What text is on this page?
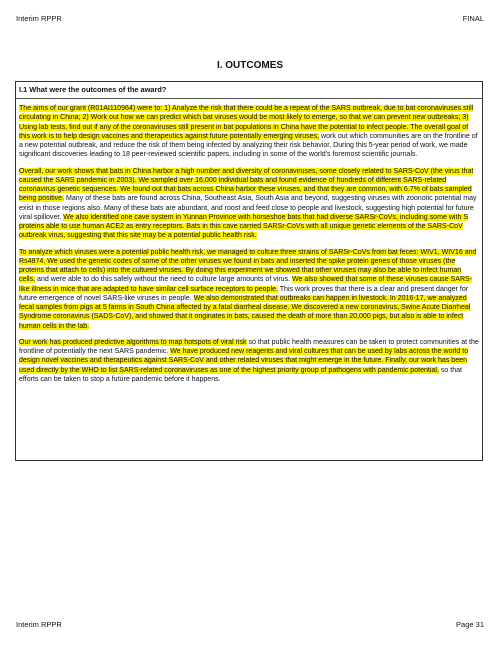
Interim RPPR	FINAL
I. OUTCOMES
I.1 What were the outcomes of the award?

The aims of our grant (R01AI110964) were to: 1) Analyze the risk that there could be a repeat of the SARS outbreak, due to bat coronaviruses still circulating in China; 2) Work out how we can predict which bat viruses would be most likely to emerge, so that we can prevent new outbreaks; 3) Using lab tests, find out if any of the coronaviruses still present in bat populations in China have the potential to infect people. The overall goal of this work is to help design vaccines and therapeutics against future potentially emerging viruses, work out which communities are on the frontline of a new potential outbreak, and reduce the risk of them being infected by analyzing their risk behavior. During this 5-year period of work, we made significant discoveries leading to 18 peer-reviewed scientific papers, including in some of the world's foremost scientific journals.

Overall, our work shows that bats in China harbor a high number and diversity of coronaviruses, some closely related to SARS-CoV (the virus that caused the SARS pandemic in 2003). We sampled over 16,000 individual bats and found evidence of hundreds of different SARS-related coronavirus genetic sequences. We found out that bats across China harbor these viruses, and that they are common, with 6.7% of bats sampled being positive. Many of these bats are found across China, Southeast Asia, South Asia and beyond, suggesting viruses with zoonotic potential may exist in those regions also. Many of these bats are abundant, and roost and feed close to people and livestock, suggesting high potential for future viral spillover. We also identified one cave system in Yunnan Province with horseshoe bats that had diverse SARSr-CoVs, including some with S proteins able to use human ACE2 as entry receptors. Bats in this cave carried SARSr-CoVs with all unique genetic elements of the SARS-CoV outbreak virus, suggesting that this site may be a potential public health risk.

To analyze which viruses were a potential public health risk, we managed to culture three strains of SARSr-CoVs from bat feces: WIV1, WIV16 and Rs4874. We used the genetic codes of some of the other viruses we found in bats and inserted the spike protein genes of those viruses (the proteins that attach to cells) into the cultured viruses. By doing this experiment we showed that other viruses may also be able to infect human cells, and were able to do this safely without the need to culture large amounts of virus. We also showed that some of these viruses cause SARS-like illness in mice that are adapted to have similar cell surface receptors to people. This work proves that there is a clear and present danger for future emergence of novel SARS-like viruses in people. We also demonstrated that outbreaks can happen in livestock. In 2016-17, we analyzed fecal samples from pigs at 5 farms in South China affected by a fatal diarrheal disease. We discovered a new coronavirus, Swine Acute Diarrheal Syndrome coronavirus (SADS-CoV), and showed that it originates in bats, caused the death of more than 20,000 pigs, but also is able to infect human cells in the lab.

Our work has produced predictive algorithms to map hotspots of viral risk so that public health measures can be taken to protect communities at the frontline of potentially the next SARS pandemic. We have produced new reagents and viral cultures that can be used by labs across the world to design novel vaccines and therapeutics against SARS-CoV and other related viruses that might emerge in the future. Finally, our work has been used directly by the WHO to list SARS-related coronaviruses as one of the highest priority group of pathogens with pandemic potential, so that efforts can be taken to stop a future pandemic before it happens.

Interim RPPR	Page 31
